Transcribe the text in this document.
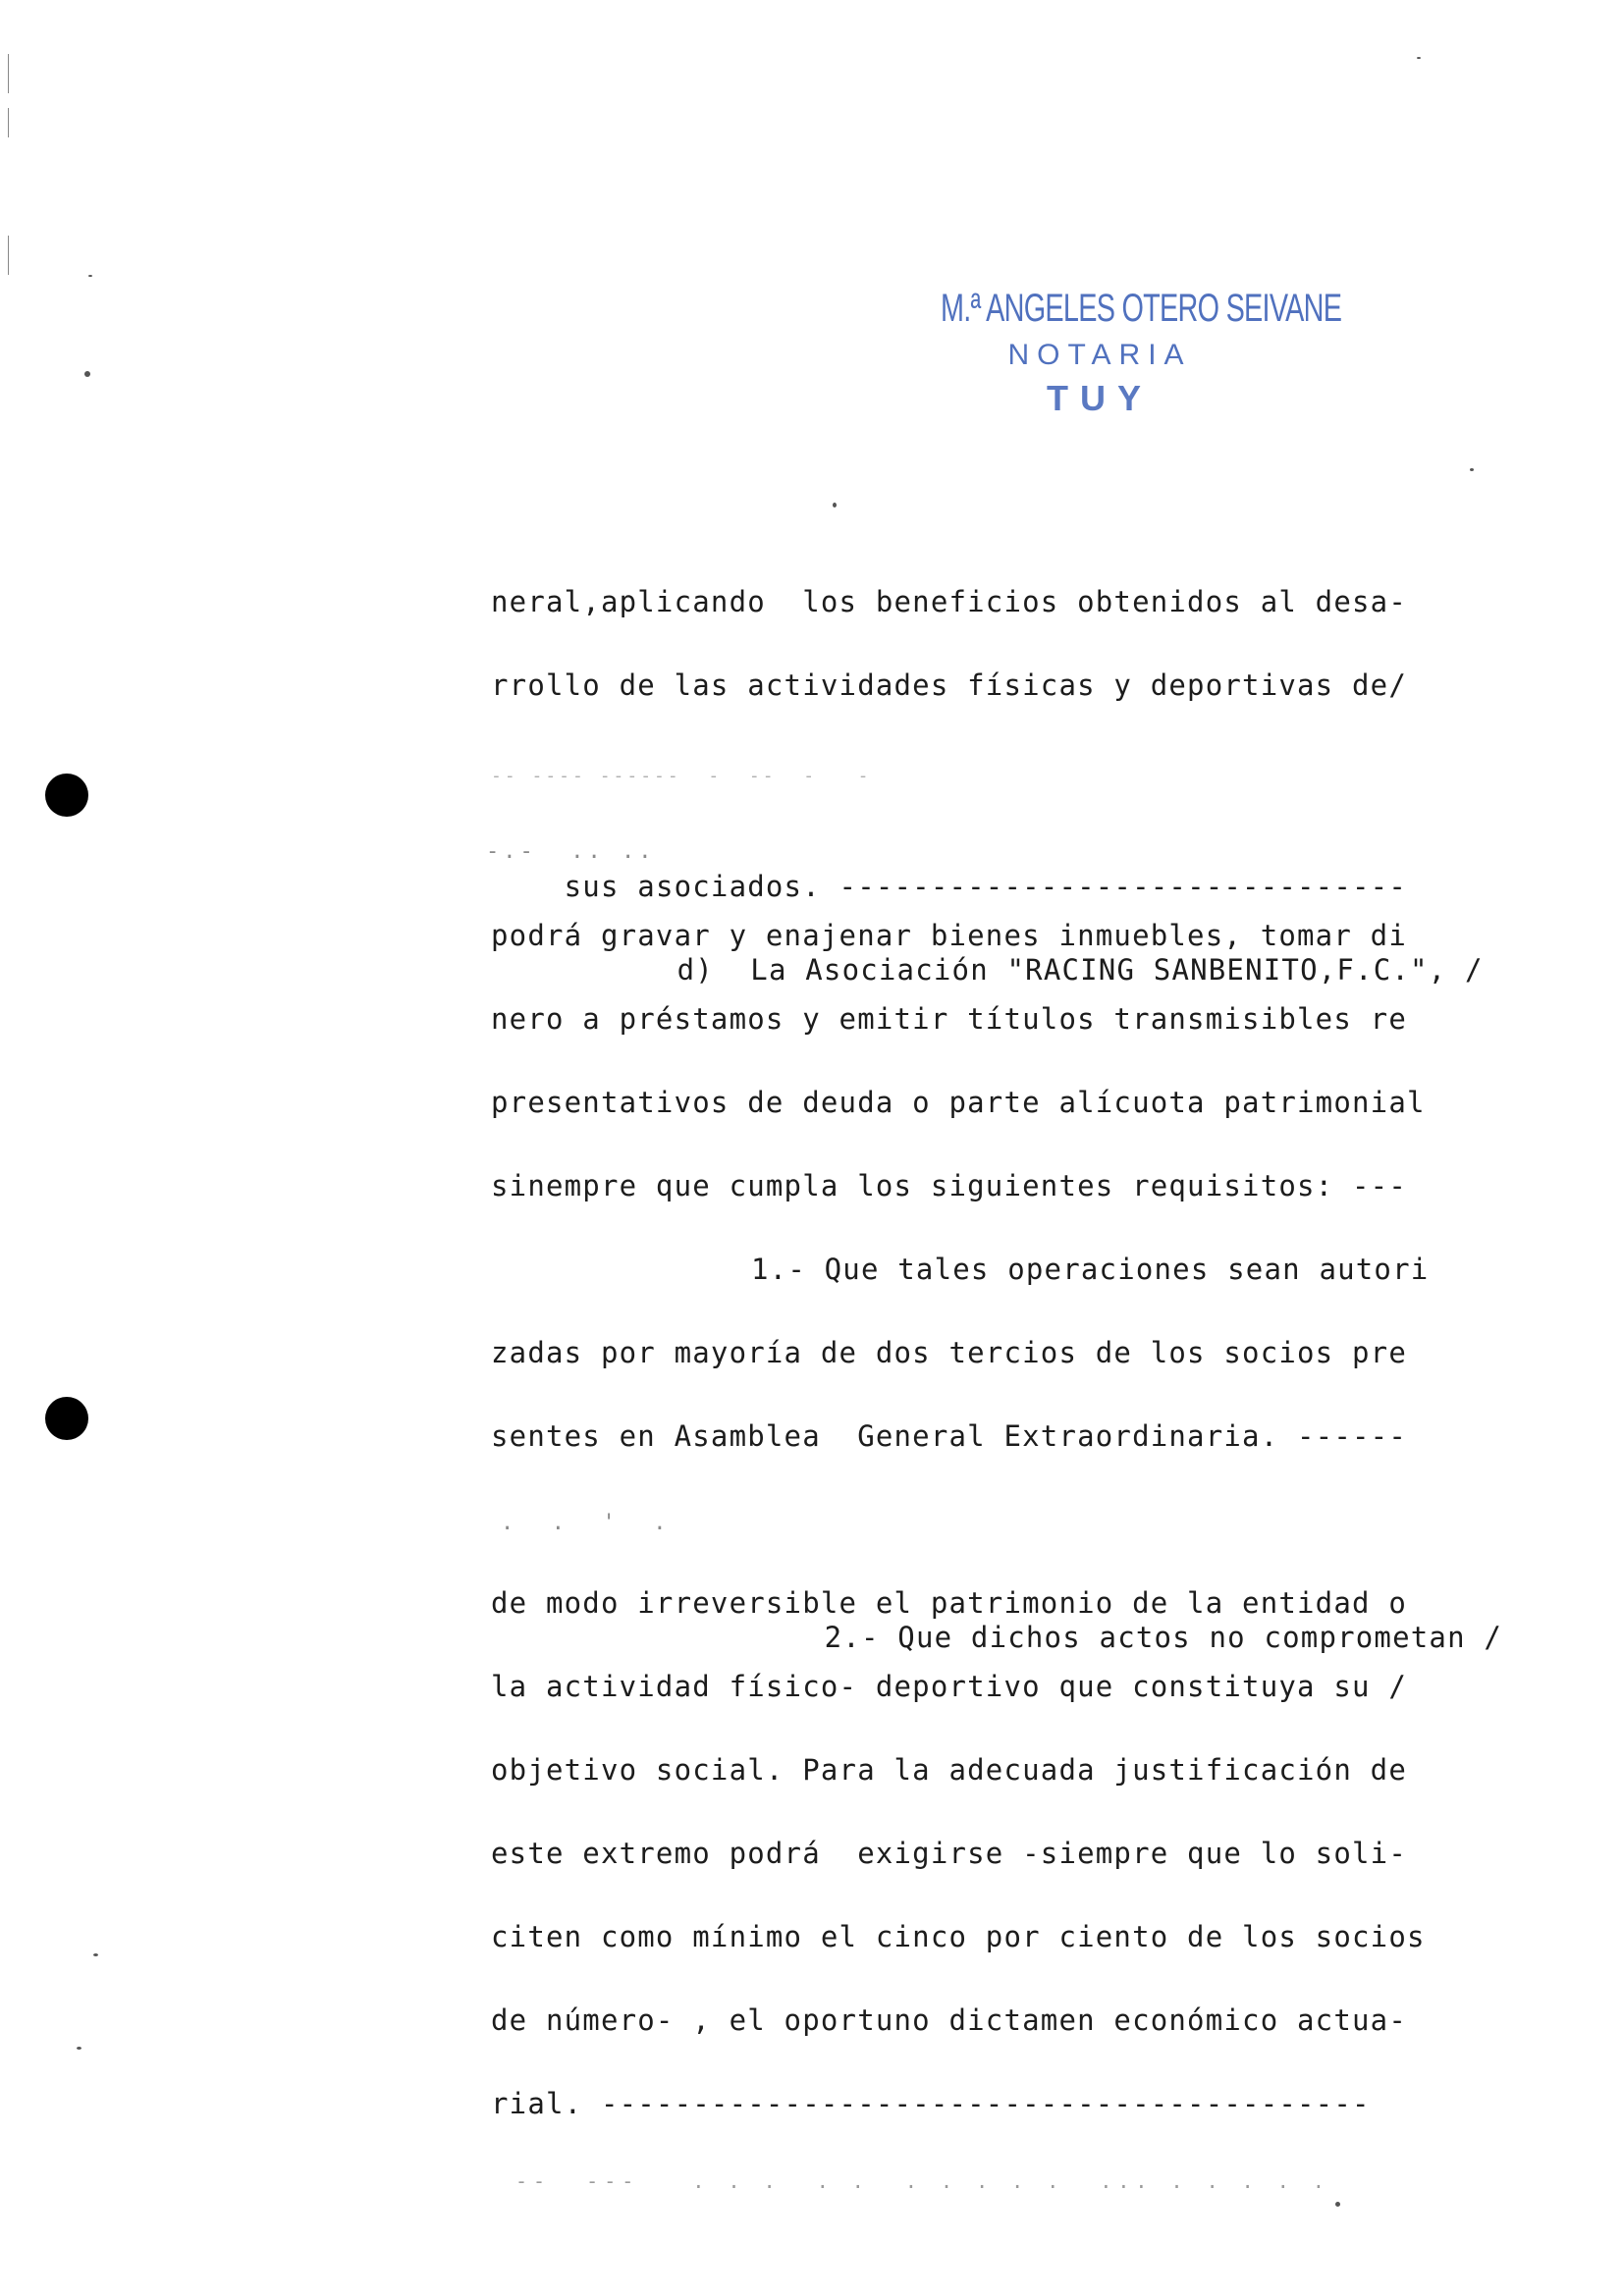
M.ª ANGELES OTERO SEIVANE
NOTARIA
TUY
neral,aplicando  los beneficios obtenidos al desa-
rrollo de las actividades físicas y deportivas de/

-- ---- ------  -  --  -   -

sus asociados. -------------------------------

-.-  .. ..

d)  La Asociación "RACING SANBENITO,F.C.", /

podrá gravar y enajenar bienes inmuebles, tomar di
nero a préstamos y emitir títulos transmisibles re
presentativos de deuda o parte alícuota patrimonial
sinempre que cumpla los siguientes requisitos: ---
1.- Que tales operaciones sean autori
zadas por mayoría de dos tercios de los socios pre
sentes en Asamblea  General Extraordinaria. ------

.  .  '  .

2.- Que dichos actos no comprometan /

de modo irreversible el patrimonio de la entidad o
la actividad físico- deportivo que constituya su /
objetivo social. Para la adecuada justificación de
este extremo podrá  exigirse -siempre que lo soli-
citen como mínimo el cinco por ciento de los socios
de número- , el oportuno dictamen económico actua-
rial. ------------------------------------------
--  ---   . . .  . .  . . . . .  ... . . . . .
